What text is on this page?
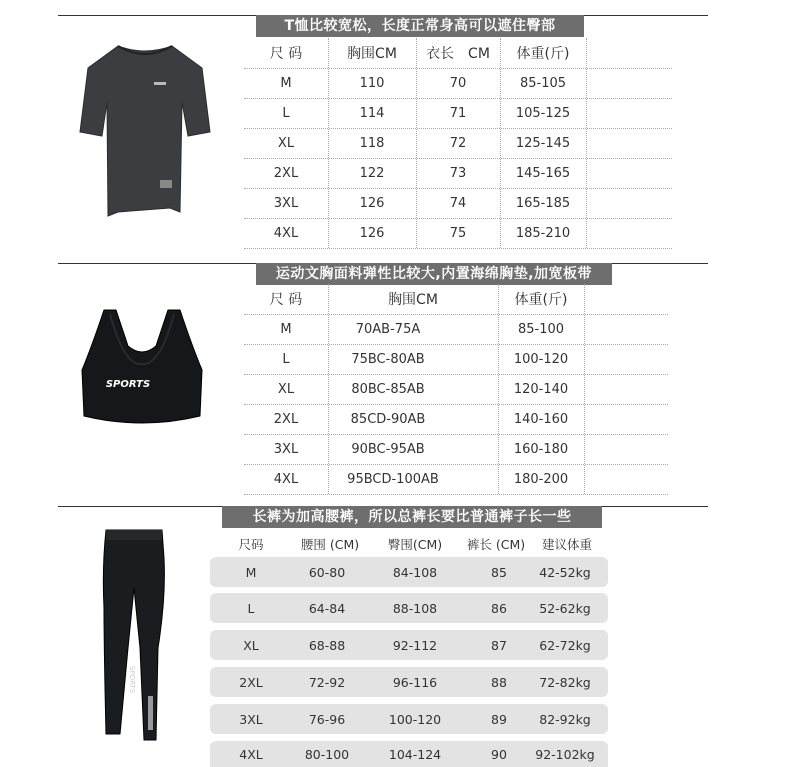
T恤比较宽松，长度正常身高可以遮住臀部
尺 码	胸围CM	衣长　CM	体重(斤)
M	110	70	85-105
L	114	71	105-125
XL	118	72	125-145
2XL	122	73	145-165
3XL	126	74	165-185
4XL	126	75	185-210
运动文胸面料弹性比较大,内置海绵胸垫,加宽板带
SPORTS
尺 码	胸围CM	体重(斤)
M	70AB-75A	85-100
L	75BC-80AB	100-120
XL	80BC-85AB	120-140
2XL	85CD-90AB	140-160
3XL	90BC-95AB	160-180
4XL	95BCD-100AB	180-200
长裤为加高腰裤，所以总裤长要比普通裤子长一些
SPORTS
尺码	腰围 (CM)	臀围(CM)	裤长 (CM)	建议体重
M	60-80	84-108	85	42-52kg
L	64-84	88-108	86	52-62kg
XL	68-88	92-112	87	62-72kg
2XL	72-92	96-116	88	72-82kg
3XL	76-96	100-120	89	82-92kg
4XL	80-100	104-124	90	92-102kg
